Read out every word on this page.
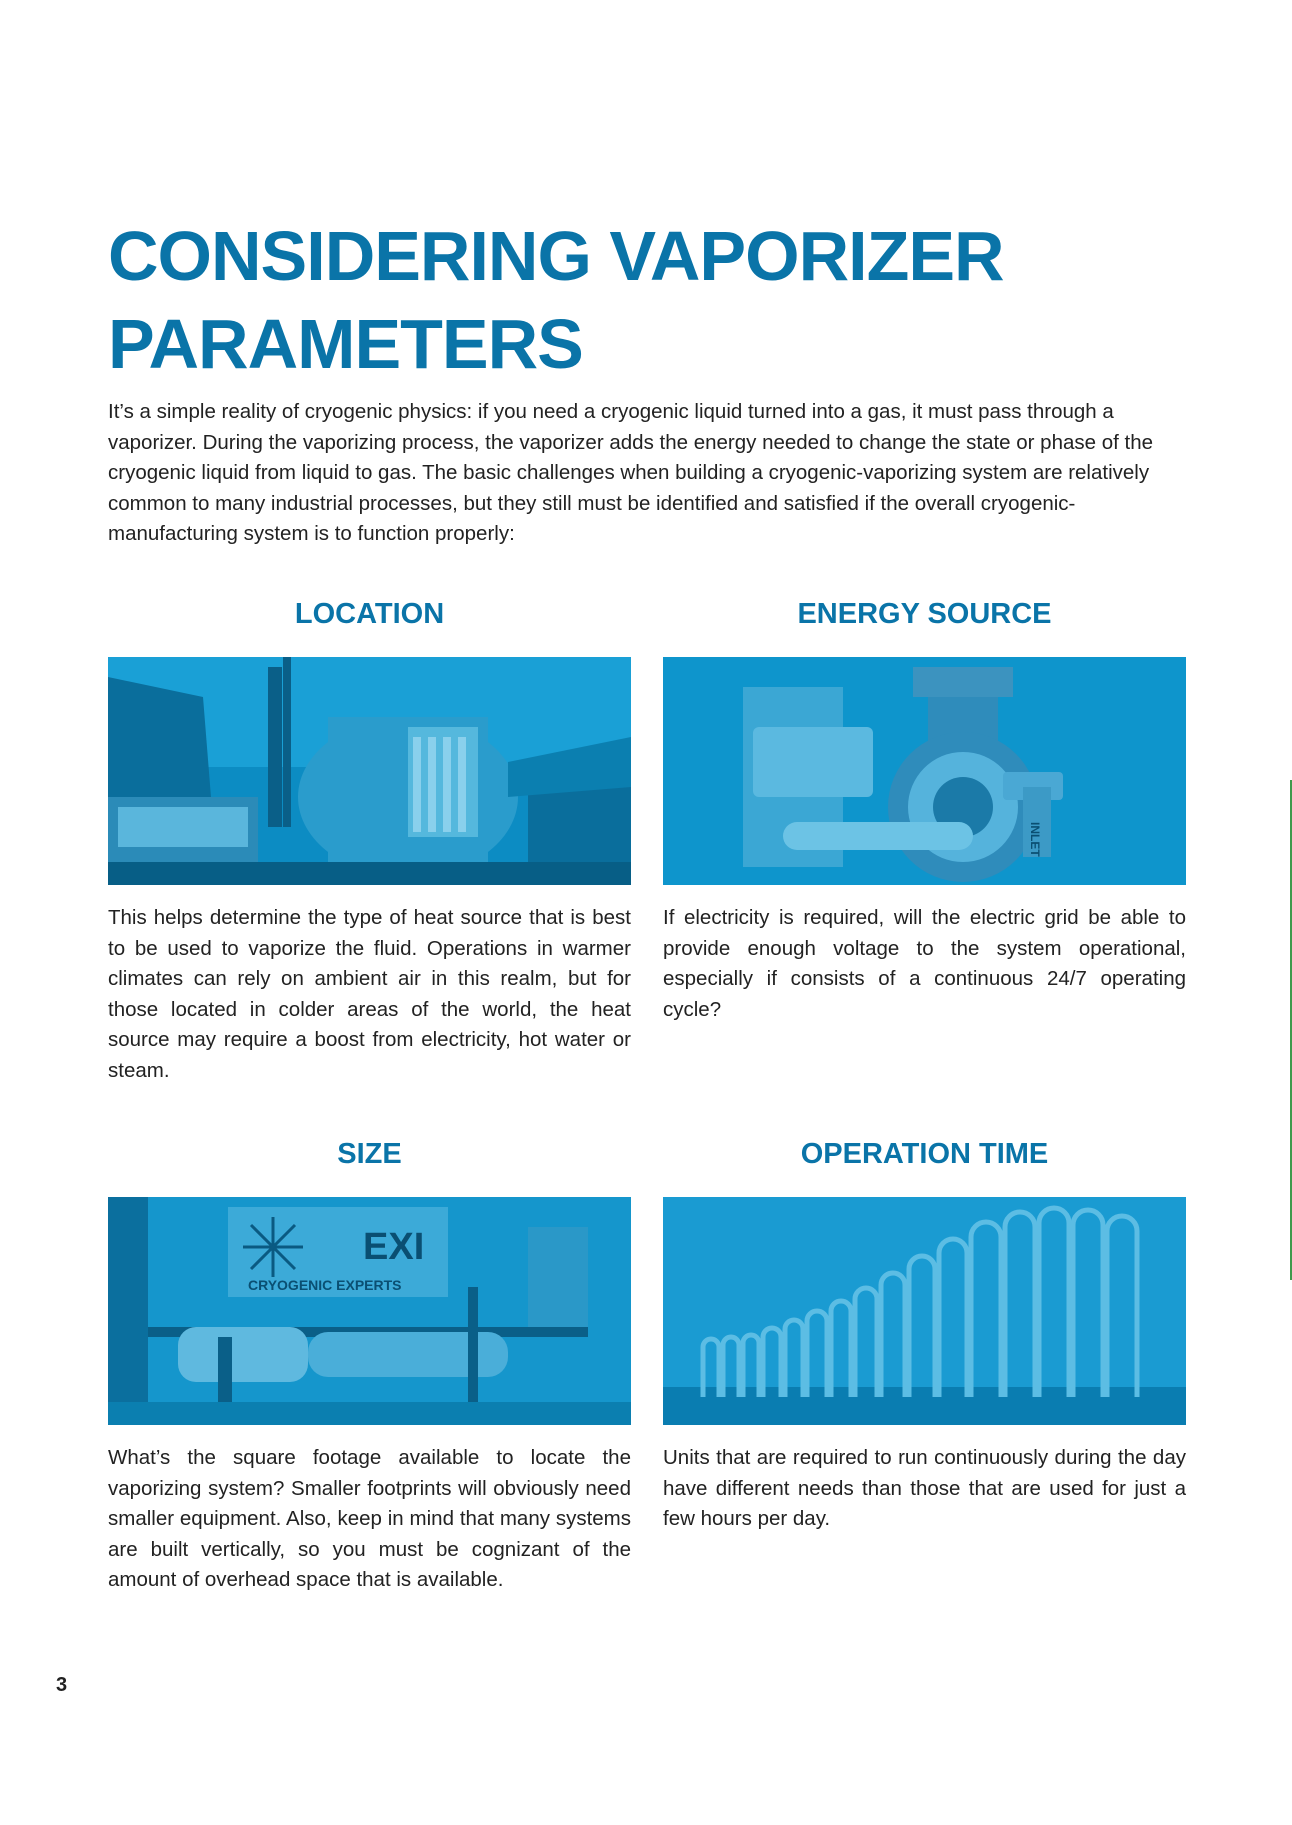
CONSIDERING VAPORIZER
PARAMETERS

It’s a simple reality of cryogenic physics: if you need a cryogenic liquid turned into a gas, it must pass through a vaporizer. During the vaporizing process, the vaporizer adds the energy needed to change the state or phase of the cryogenic liquid from liquid to gas. The basic challenges when building a cryogenic-vaporizing system are relatively common to many industrial processes, but they still must be identified and satisfied if the overall cryogenic-manufacturing system is to function properly:

LOCATION

This helps determine the type of heat source that is best to be used to vaporize the fluid. Operations in warmer climates can rely on ambient air in this realm, but for those located in colder areas of the world, the heat source may require a boost from electricity, hot water or steam.

ENERGY SOURCE
INLET

If electricity is required, will the electric grid be able to provide enough voltage to the system operational, especially if consists of a continuous 24/7 operating cycle?

SIZE
EXI
CRYOGENIC EXPERTS

What’s the square footage available to locate the vaporizing system? Smaller footprints will obviously need smaller equipment. Also, keep in mind that many systems are built vertically, so you must be cognizant of the amount of overhead space that is available.

OPERATION TIME

Units that are required to run continuously during the day have different needs than those that are used for just a few hours per day.

3
